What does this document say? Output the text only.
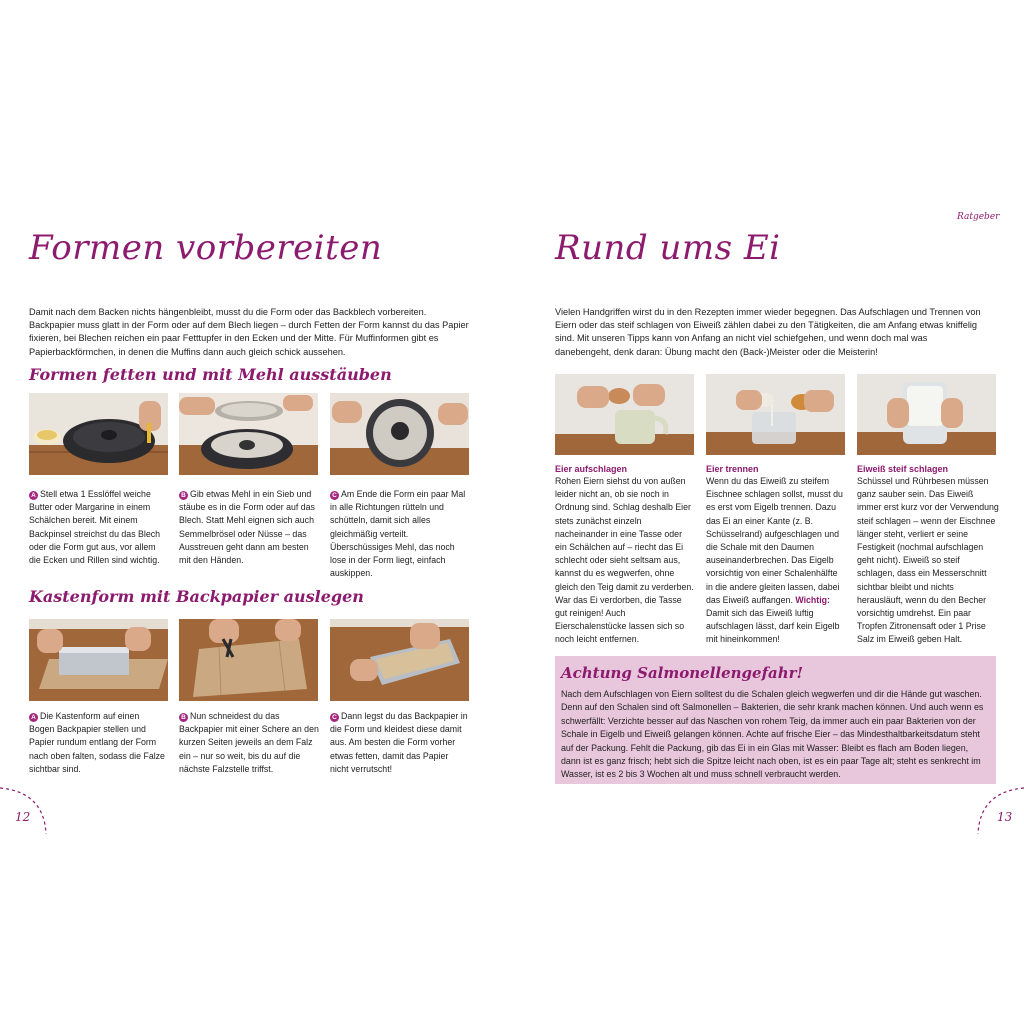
Formen vorbereiten

Damit nach dem Backen nichts hängenbleibt, musst du die Form oder das Backblech vorbereiten. Backpapier muss glatt in der Form oder auf dem Blech liegen – durch Fetten der Form kannst du das Papier fixieren, bei Blechen reichen ein paar Fetttupfer in den Ecken und der Mitte. Für Muffinformen gibt es Papierbackförmchen, in denen die Muffins dann auch gleich schick aussehen.

Formen fetten und mit Mehl ausstäuben

A Stell etwa 1 Esslöffel weiche Butter oder Margarine in einem Schälchen bereit. Mit einem Backpinsel streichst du das Blech oder die Form gut aus, vor allem die Ecken und Rillen sind wichtig.

B Gib etwas Mehl in ein Sieb und stäube es in die Form oder auf das Blech. Statt Mehl eignen sich auch Semmelbrösel oder Nüsse – das Ausstreuen geht dann am besten mit den Händen.

C Am Ende die Form ein paar Mal in alle Richtungen rütteln und schütteln, damit sich alles gleichmäßig verteilt. Überschüssiges Mehl, das noch lose in der Form liegt, einfach auskippen.

Kastenform mit Backpapier auslegen

A Die Kastenform auf einen Bogen Backpapier stellen und Papier rundum entlang der Form nach oben falten, sodass die Falze sichtbar sind.

B Nun schneidest du das Backpapier mit einer Schere an den kurzen Seiten jeweils an dem Falz ein – nur so weit, bis du auf die nächste Falzstelle triffst.

C Dann legst du das Backpapier in die Form und kleidest diese damit aus. Am besten die Form vorher etwas fetten, damit das Papier nicht verrutscht!

12
Ratgeber
Rund ums Ei

Vielen Handgriffen wirst du in den Rezepten immer wieder begegnen. Das Aufschlagen und Trennen von Eiern oder das steif schlagen von Eiweiß zählen dabei zu den Tätigkeiten, die am Anfang etwas kniffelig sind. Mit unseren Tipps kann von Anfang an nicht viel schiefgehen, und wenn doch mal was danebengeht, denk daran: Übung macht den (Back-)Meister oder die Meisterin!

Eier aufschlagen

Rohen Eiern siehst du von außen leider nicht an, ob sie noch in Ordnung sind. Schlag deshalb Eier stets zunächst einzeln nacheinander in eine Tasse oder ein Schälchen auf – riecht das Ei schlecht oder sieht seltsam aus, kannst du es wegwerfen, ohne gleich den Teig damit zu verderben. War das Ei verdorben, die Tasse gut reinigen! Auch Eierschalenstücke lassen sich so noch leicht entfernen.

Eier trennen

Wenn du das Eiweiß zu steifem Eischnee schlagen sollst, musst du es erst vom Eigelb trennen. Dazu das Ei an einer Kante (z. B. Schüsselrand) aufgeschlagen und die Schale mit den Daumen auseinanderbrechen. Das Eigelb vorsichtig von einer Schalenhälfte in die andere gleiten lassen, dabei das Eiweiß auffangen. Wichtig: Damit sich das Eiweiß luftig aufschlagen lässt, darf kein Eigelb mit hineinkommen!

Eiweiß steif schlagen

Schüssel und Rührbesen müssen ganz sauber sein. Das Eiweiß immer erst kurz vor der Verwendung steif schlagen – wenn der Eischnee länger steht, verliert er seine Festigkeit (nochmal aufschlagen geht nicht). Eiweiß so steif schlagen, dass ein Messerschnitt sichtbar bleibt und nichts herausläuft, wenn du den Becher vorsichtig umdrehst. Ein paar Tropfen Zitronensaft oder 1 Prise Salz im Eiweiß geben Halt.

Achtung Salmonellengefahr!

Nach dem Aufschlagen von Eiern solltest du die Schalen gleich wegwerfen und dir die Hände gut waschen. Denn auf den Schalen sind oft Salmonellen – Bakterien, die sehr krank machen können. Und auch wenn es schwerfällt: Verzichte besser auf das Naschen von rohem Teig, da immer auch ein paar Bakterien von der Schale in Eigelb und Eiweiß gelangen können. Achte auf frische Eier – das Mindesthaltbarkeitsdatum steht auf der Packung. Fehlt die Packung, gib das Ei in ein Glas mit Wasser: Bleibt es flach am Boden liegen, dann ist es ganz frisch; hebt sich die Spitze leicht nach oben, ist es ein paar Tage alt; steht es senkrecht im Wasser, ist es 2 bis 3 Wochen alt und muss schnell verbraucht werden.

13
